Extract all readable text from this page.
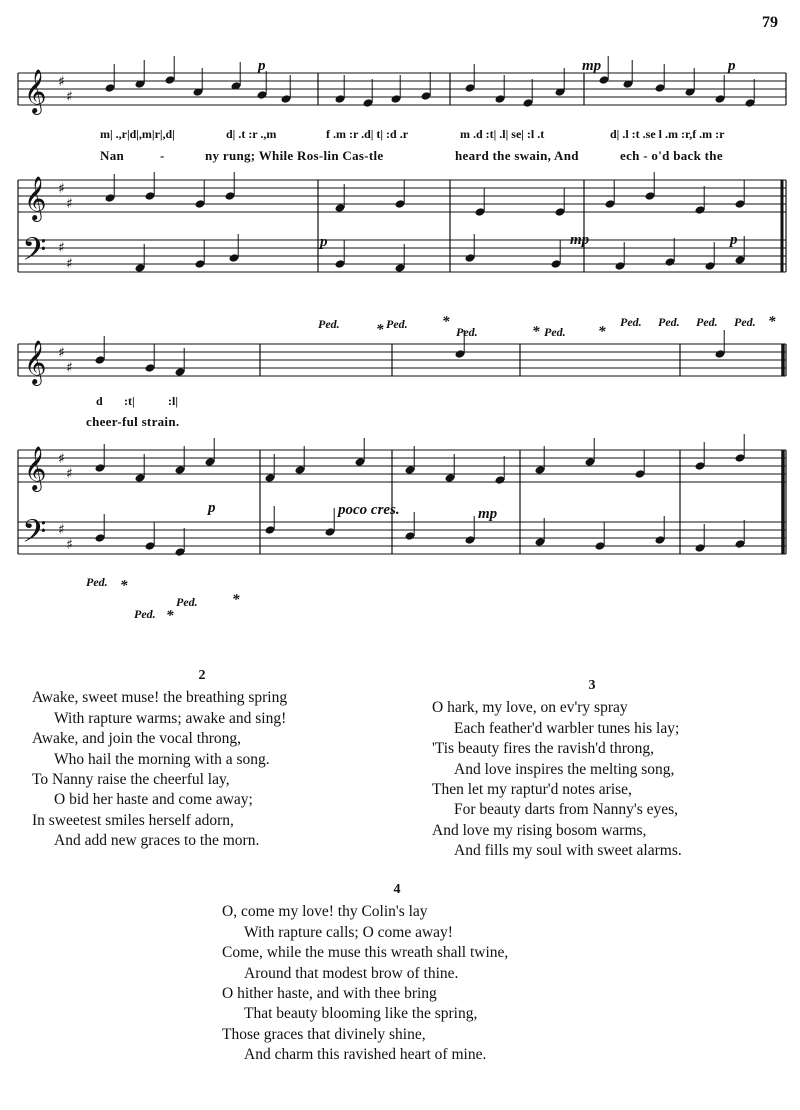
79
𝄞
𝄞
𝄢
𝄞
𝄞
𝄢
♯
♯
♯
♯
♯
♯
♯
♯
♯
♯
♯
♯
m| .,r|d|,m|r|,d|	d| .t :r .,m	f .m :r .d| t| :d .r	m .d :t| .l| se| :l .t	d| .l :t .se l .m :r,f .m :r
Nan	-	ny rung; While Ros-lin Cas-tle	heard the swain, And	ech - o'd back the
d :t|	:l|
cheer-ful strain.
p	mp	p
p	mp	p
p	mp
poco cres.
Ped.	Ped.
Ped.	Ped.
Ped. Ped. Ped. Ped.
Ped.
Ped.
Ped.
*	*
*	*
*
*
*
*
2
Awake, sweet muse! the breathing spring
With rapture warms; awake and sing!
Awake, and join the vocal throng,
Who hail the morning with a song.
To Nanny raise the cheerful lay,
O bid her haste and come away;
In sweetest smiles herself adorn,
And add new graces to the morn.
3
O hark, my love, on ev'ry spray
Each feather'd warbler tunes his lay;
'Tis beauty fires the ravish'd throng,
And love inspires the melting song,
Then let my raptur'd notes arise,
For beauty darts from Nanny's eyes,
And love my rising bosom warms,
And fills my soul with sweet alarms.
4
O, come my love! thy Colin's lay
With rapture calls; O come away!
Come, while the muse this wreath shall twine,
Around that modest brow of thine.
O hither haste, and with thee bring
That beauty blooming like the spring,
Those graces that divinely shine,
And charm this ravished heart of mine.
